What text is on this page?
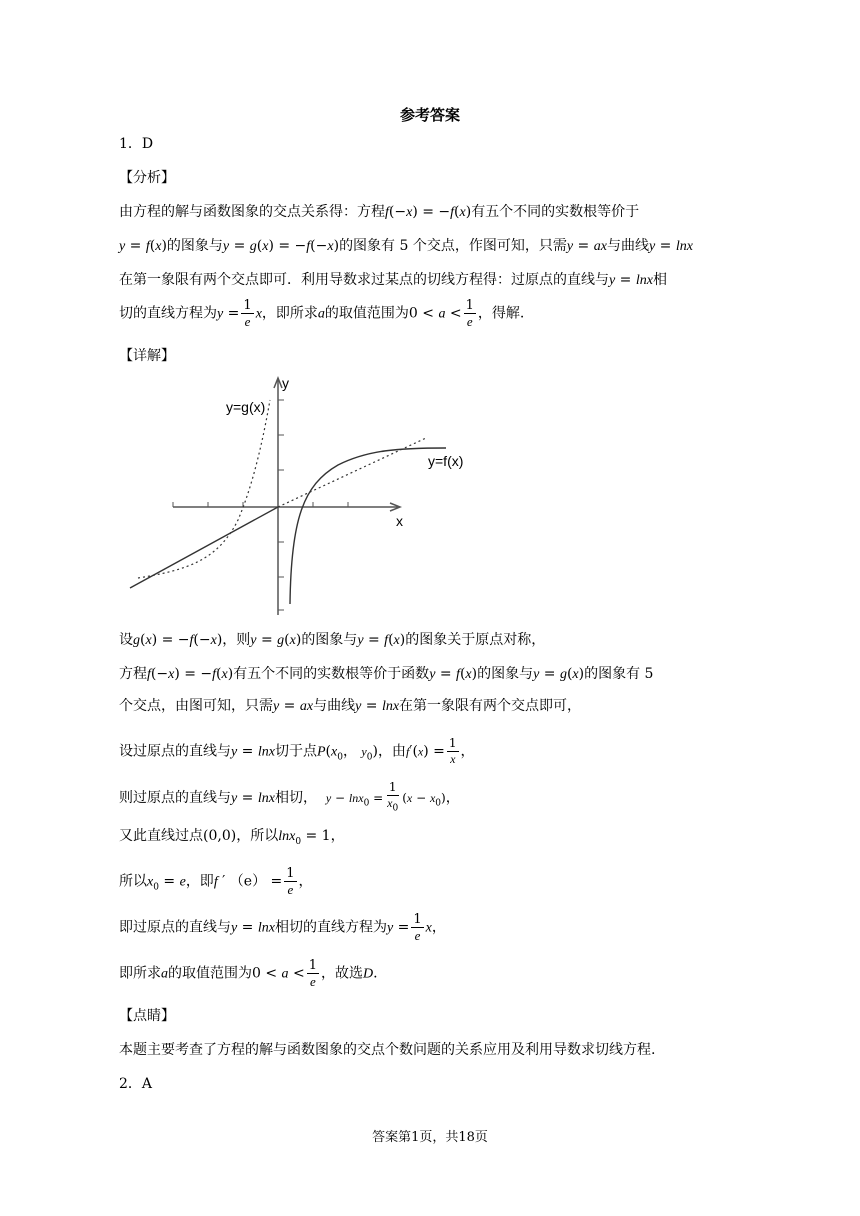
参考答案
1．D
【分析】
由方程的解与函数图象的交点关系得：方程f(−x) = −f(x)有五个不同的实数根等价于
y = f(x)的图象与y = g(x) = −f(−x)的图象有 5 个交点，作图可知，只需y = ax与曲线y = lnx
在第一象限有两个交点即可．利用导数求过某点的切线方程得：过原点的直线与y = lnx相
切的直线方程为$y = \frac{1}{e}$ x，即所求a的取值范围为$0 < a < \frac{1}{e}$ ，得解.
【详解】
y=g(x)
y=f(x)
x
y
设g(x) = −f(−x)，则y = g(x)的图象与y = f(x)的图象关于原点对称，
方程f(−x) = −f(x)有五个不同的实数根等价于函数y = f(x)的图象与y = g(x)的图象有 5
个交点，由图可知，只需y = ax与曲线y = lnx在第一象限有两个交点即可，
设过原点的直线与y = lnx切于点$P(x_0$， $y_0$)，由$f'(x) = \frac{1}{x}$ ，
则过原点的直线与y = lnx相切， $y - \ln x_0 = \frac{1}{x_0} (x - x_0)$，
又此直线过点(0,0)，所以lnx$_0$ = 1，
所以$x_0 = e$，即f ′ $(e) = \frac{1}{e}$ ，
即过原点的直线与y = lnx相切的直线方程为$y = \frac{1}{e}$ x，
即所求a的取值范围为$0 < a < \frac{1}{e}$ ，故选D.
【点睛】
本题主要考查了方程的解与函数图象的交点个数问题的关系应用及利用导数求切线方程.
2．A
答案第1页，共18页
